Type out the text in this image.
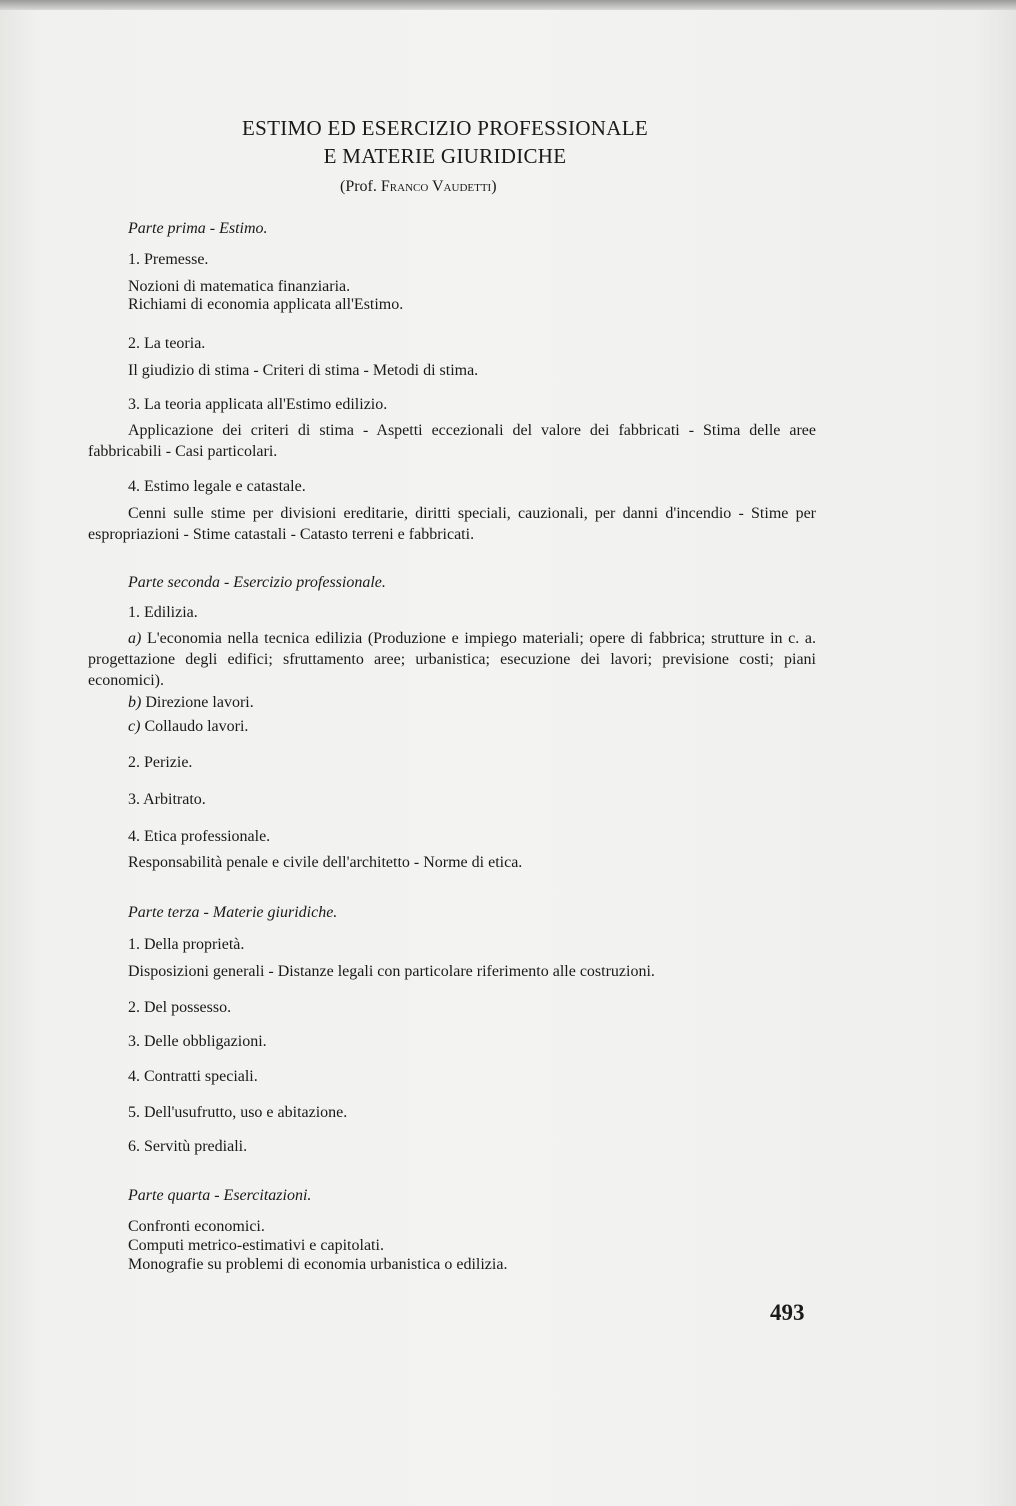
ESTIMO ED ESERCIZIO PROFESSIONALE
E MATERIE GIURIDICHE
(Prof. Franco Vaudetti)
Parte prima - Estimo.
1. Premesse.
Nozioni di matematica finanziaria.
Richiami di economia applicata all'Estimo.
2. La teoria.
Il giudizio di stima - Criteri di stima - Metodi di stima.
3. La teoria applicata all'Estimo edilizio.
Applicazione dei criteri di stima - Aspetti eccezionali del valore dei fabbricati - Stima delle aree fabbricabili - Casi particolari.
4. Estimo legale e catastale.
Cenni sulle stime per divisioni ereditarie, diritti speciali, cauzionali, per danni d'incendio - Stime per espropriazioni - Stime catastali - Catasto terreni e fabbricati.
Parte seconda - Esercizio professionale.
1. Edilizia.
a) L'economia nella tecnica edilizia (Produzione e impiego materiali; opere di fabbrica; strutture in c. a. progettazione degli edifici; sfruttamento aree; urbanistica; esecuzione dei lavori; previsione costi; piani economici).
b) Direzione lavori.
c) Collaudo lavori.
2. Perizie.
3. Arbitrato.
4. Etica professionale.
Responsabilità penale e civile dell'architetto - Norme di etica.
Parte terza - Materie giuridiche.
1. Della proprietà.
Disposizioni generali - Distanze legali con particolare riferimento alle costruzioni.
2. Del possesso.
3. Delle obbligazioni.
4. Contratti speciali.
5. Dell'usufrutto, uso e abitazione.
6. Servitù prediali.
Parte quarta - Esercitazioni.
Confronti economici.
Computi metrico-estimativi e capitolati.
Monografie su problemi di economia urbanistica o edilizia.
493
